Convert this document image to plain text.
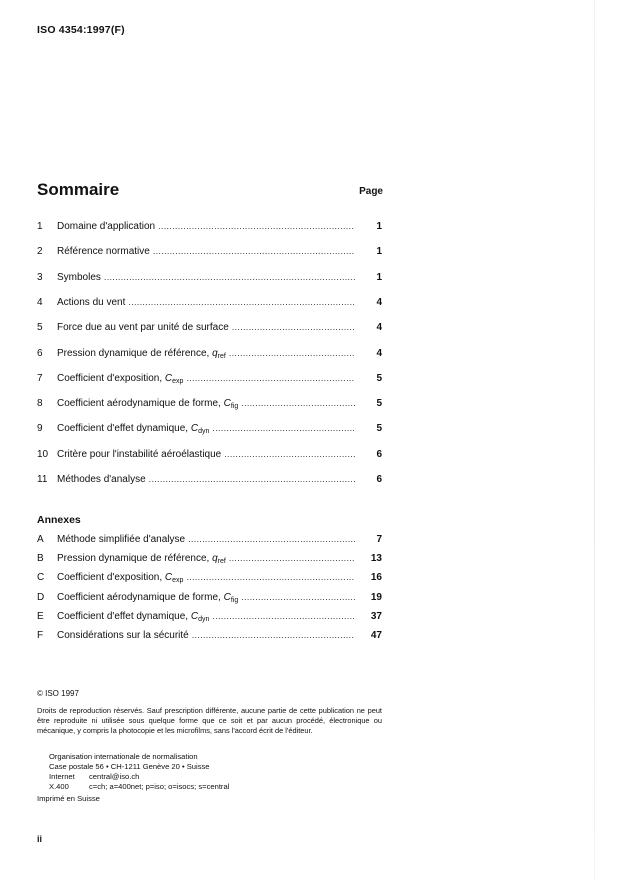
ISO 4354:1997(F)
Sommaire	Page
1	Domaine d'application .....	1
2	Référence normative .....	1
3	Symboles .....	1
4	Actions du vent .....	4
5	Force due au vent par unité de surface .....	4
6	Pression dynamique de référence, $q_{ref}$ .....	4
7	Coefficient d'exposition, $C_{exp}$ .....	5
8	Coefficient aérodynamique de forme, $C_{fig}$ .....	5
9	Coefficient d'effet dynamique, $C_{dyn}$ .....	5
10 Critère pour l'instabilité aéroélastique .....	6
11 Méthodes d'analyse .....	6
Annexes
A	Méthode simplifiée d'analyse .....	7
B	Pression dynamique de référence, $q_{ref}$ .....	13
C	Coefficient d'exposition, $C_{exp}$ .....	16
D	Coefficient aérodynamique de forme, $C_{fig}$ .....	19
E	Coefficient d'effet dynamique, $C_{dyn}$ .....	37
F	Considérations sur la sécurité .....	47
© ISO 1997
Droits de reproduction réservés. Sauf prescription différente, aucune partie de cette publication ne peut être reproduite ni utilisée sous quelque forme que ce soit et par aucun procédé, électronique ou mécanique, y compris la photocopie et les microfilms, sans l'accord écrit de l'éditeur.
Organisation internationale de normalisation
Case postale 56 • CH-1211 Genève 20 • Suisse
Internet central@iso.ch
X.400	c=ch; a=400net; p=iso; o=isocs; s=central
Imprimé en Suisse
ii
